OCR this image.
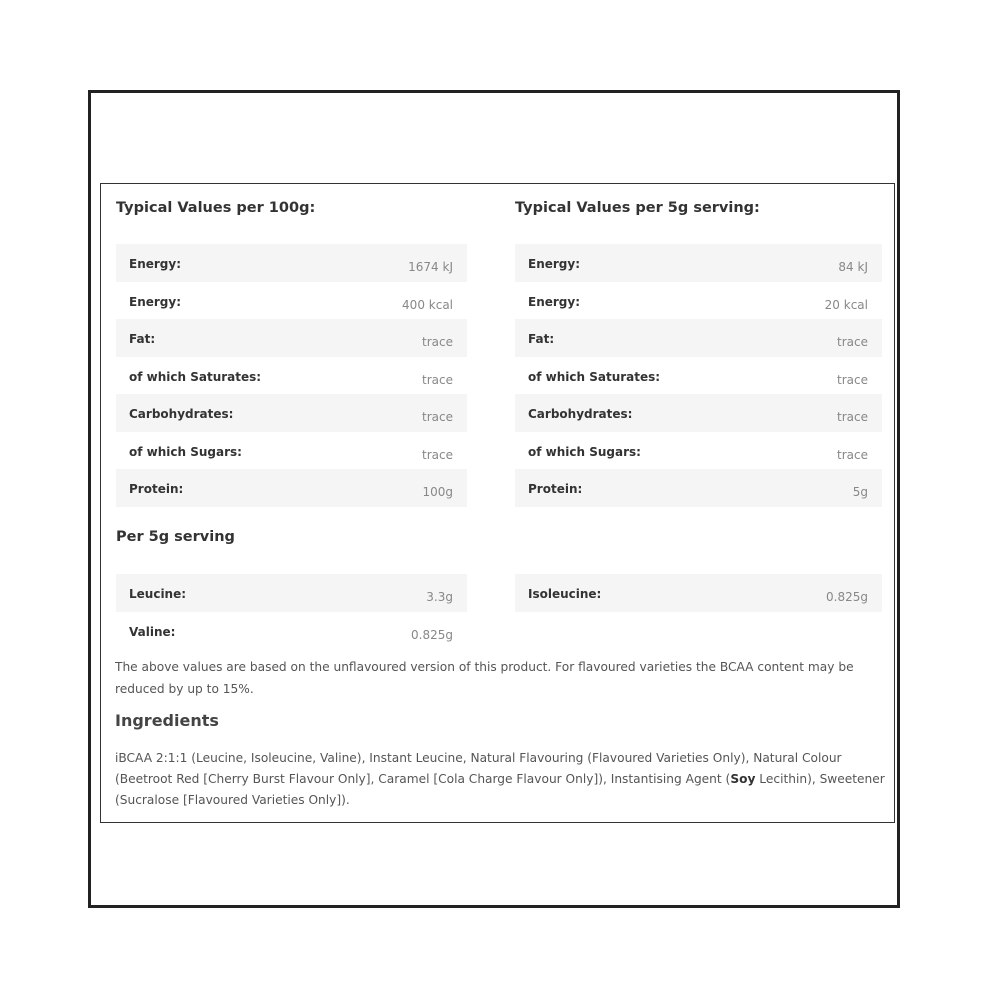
Typical Values per 100g:	Typical Values per 5g serving:
Energy:	1674 kJ
Energy:	400 kcal
Fat:	trace
of which Saturates:	trace
Carbohydrates:	trace
of which Sugars:	trace
Protein:	100g
Energy:	84 kJ
Energy:	20 kcal
Fat:	trace
of which Saturates:	trace
Carbohydrates:	trace
of which Sugars:	trace
Protein:	5g
Per 5g serving
Leucine:	3.3g
Valine:	0.825g
Isoleucine:	0.825g

The above values are based on the unflavoured version of this product. For flavoured varieties the BCAA content may be reduced by up to 15%.

Ingredients

iBCAA 2:1:1 (Leucine, Isoleucine, Valine), Instant Leucine, Natural Flavouring (Flavoured Varieties Only), Natural Colour (Beetroot Red [Cherry Burst Flavour Only], Caramel [Cola Charge Flavour Only]), Instantising Agent (Soy Lecithin), Sweetener (Sucralose [Flavoured Varieties Only]).
